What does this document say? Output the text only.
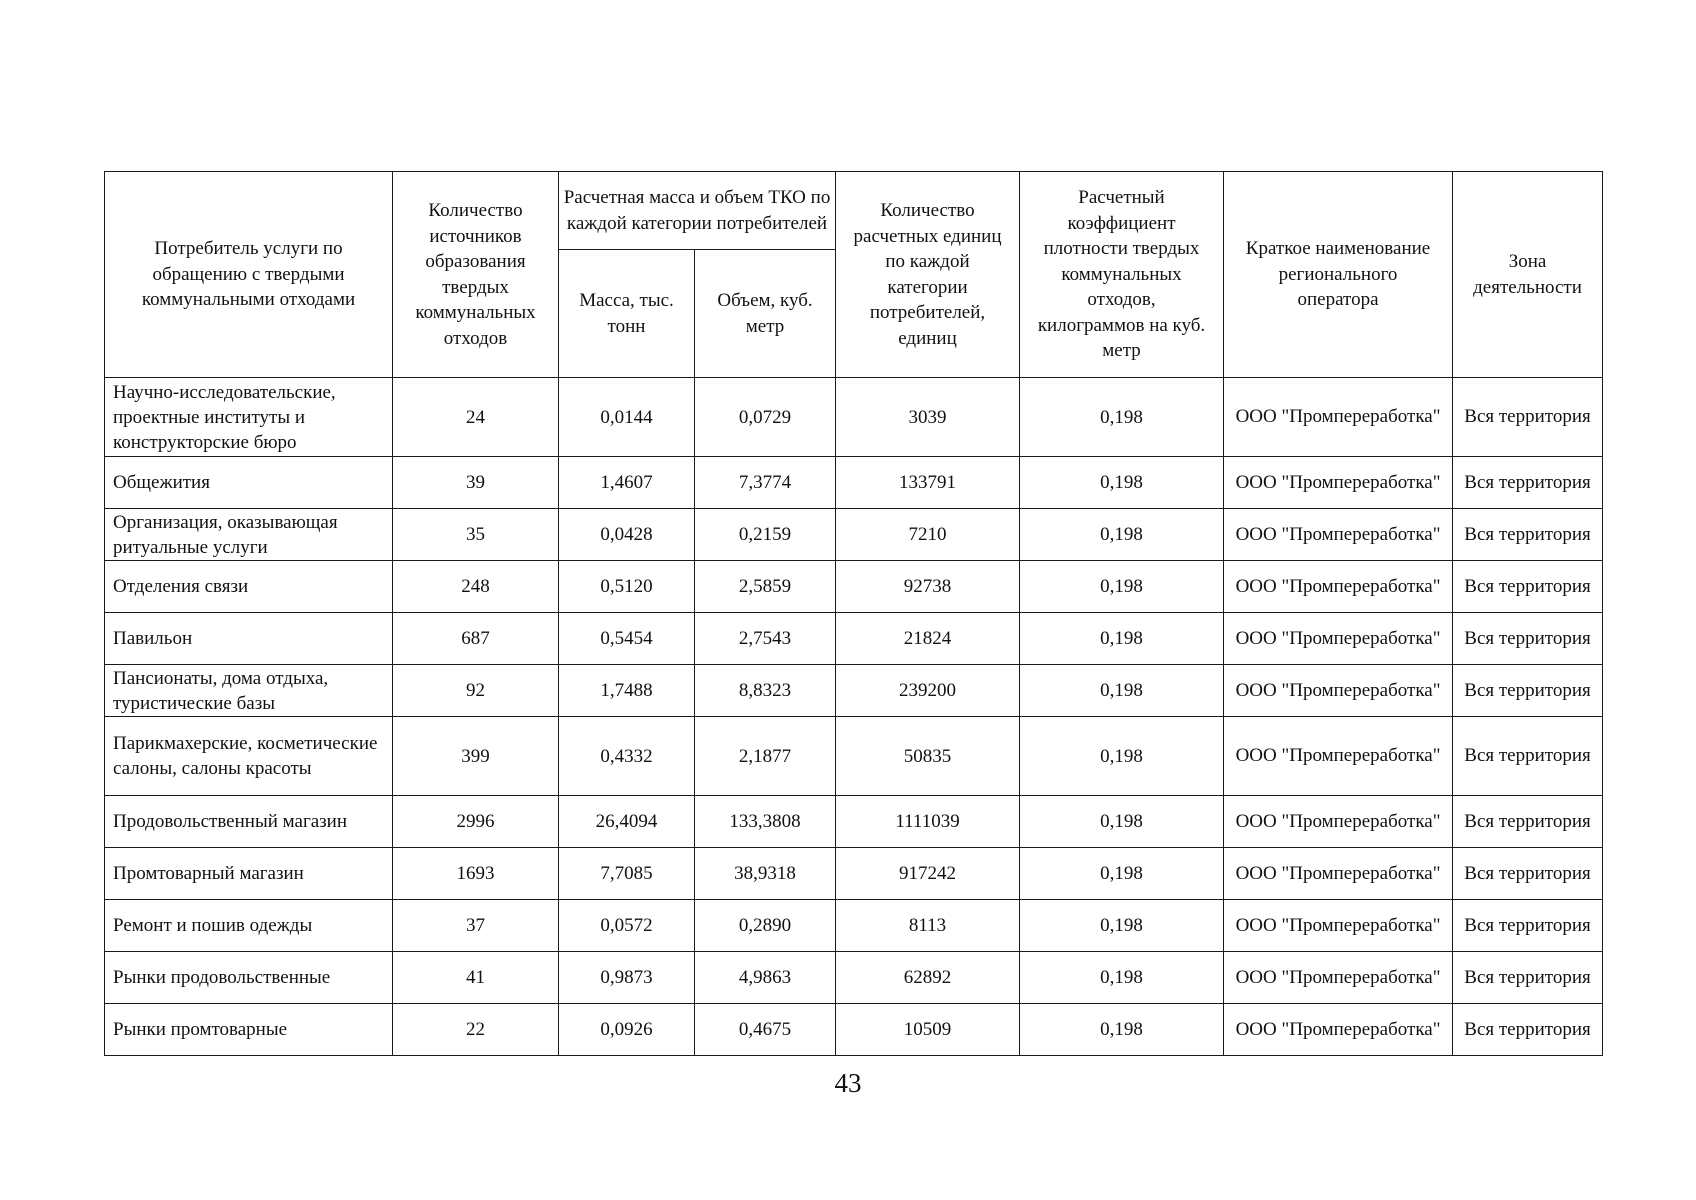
Потребитель услуги по обращению с твердыми коммунальными отходами	Количество источников образования твердых коммунальных отходов	Расчетная масса и объем ТКО по каждой категории потребителей		Количество расчетных единиц по каждой категории потребителей, единиц	Расчетный коэффициент плотности твердых коммунальных отходов, килограммов на куб. метр	Краткое наименование регионального оператора	Зона деятельности
		Масса, тыс. тонн	Объем, куб. метр				
Научно-исследовательские, проектные институты и конструкторские бюро	24	0,0144	0,0729	3039	0,198	ООО "Промпереработка"	Вся территория
Общежития	39	1,4607	7,3774	133791	0,198	ООО "Промпереработка"	Вся территория
Организация, оказывающая ритуальные услуги	35	0,0428	0,2159	7210	0,198	ООО "Промпереработка"	Вся территория
Отделения связи	248	0,5120	2,5859	92738	0,198	ООО "Промпереработка"	Вся территория
Павильон	687	0,5454	2,7543	21824	0,198	ООО "Промпереработка"	Вся территория
Пансионаты, дома отдыха, туристические базы	92	1,7488	8,8323	239200	0,198	ООО "Промпереработка"	Вся территория
Парикмахерские, косметические салоны, салоны красоты	399	0,4332	2,1877	50835	0,198	ООО "Промпереработка"	Вся территория
Продовольственный магазин	2996	26,4094	133,3808	1111039	0,198	ООО "Промпереработка"	Вся территория
Промтоварный магазин	1693	7,7085	38,9318	917242	0,198	ООО "Промпереработка"	Вся территория
Ремонт и пошив одежды	37	0,0572	0,2890	8113	0,198	ООО "Промпереработка"	Вся территория
Рынки продовольственные	41	0,9873	4,9863	62892	0,198	ООО "Промпереработка"	Вся территория
Рынки промтоварные	22	0,0926	0,4675	10509	0,198	ООО "Промпереработка"	Вся территория
43
